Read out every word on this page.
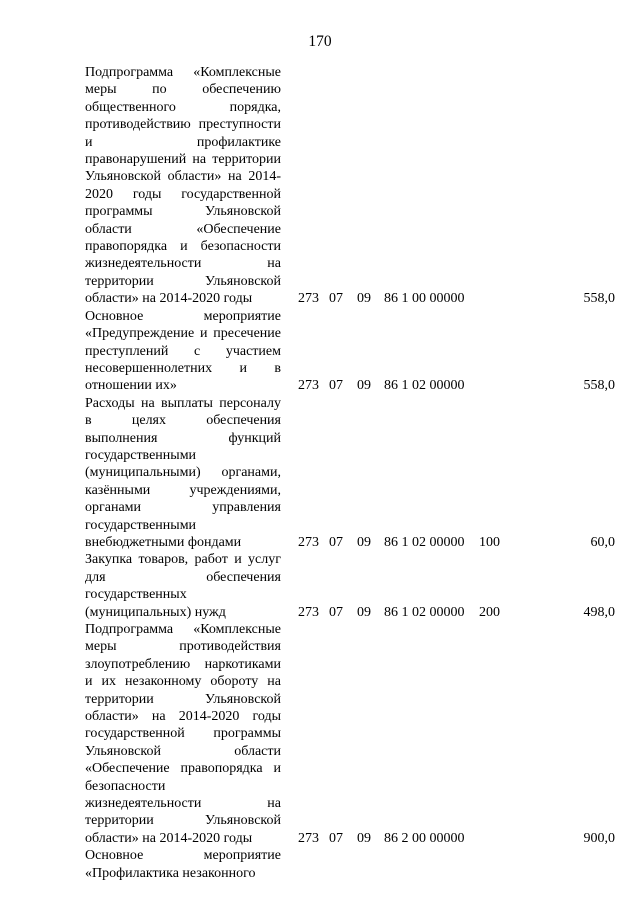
170
Подпрограмма «Комплексные меры по обеспечению общественного порядка, противодействию преступности и профилактике правонарушений на территории Ульяновской области» на 2014-2020 годы государственной программы Ульяновской области «Обеспечение правопорядка и безопасности жизнедеятельности на территории Ульяновской области» на 2014-2020 годы	273 07 09 86 1 00 00000	558,0
Основное мероприятие «Предупреждение и пресечение преступлений с участием несовершеннолетних и в отношении их»	273 07 09 86 1 02 00000	558,0
Расходы на выплаты персоналу в целях обеспечения выполнения функций государственными (муниципальными) органами, казёнными учреждениями, органами управления государственными внебюджетными фондами	273 07 09 86 1 02 00000 100	60,0
Закупка товаров, работ и услуг для обеспечения государственных (муниципальных) нужд	273 07 09 86 1 02 00000 200	498,0
Подпрограмма «Комплексные меры противодействия злоупотреблению наркотиками и их незаконному обороту на территории Ульяновской области» на 2014-2020 годы государственной программы Ульяновской области «Обеспечение правопорядка и безопасности жизнедеятельности на территории Ульяновской области» на 2014-2020 годы	273 07 09 86 2 00 00000	900,0
Основное мероприятие «Профилактика незаконного
